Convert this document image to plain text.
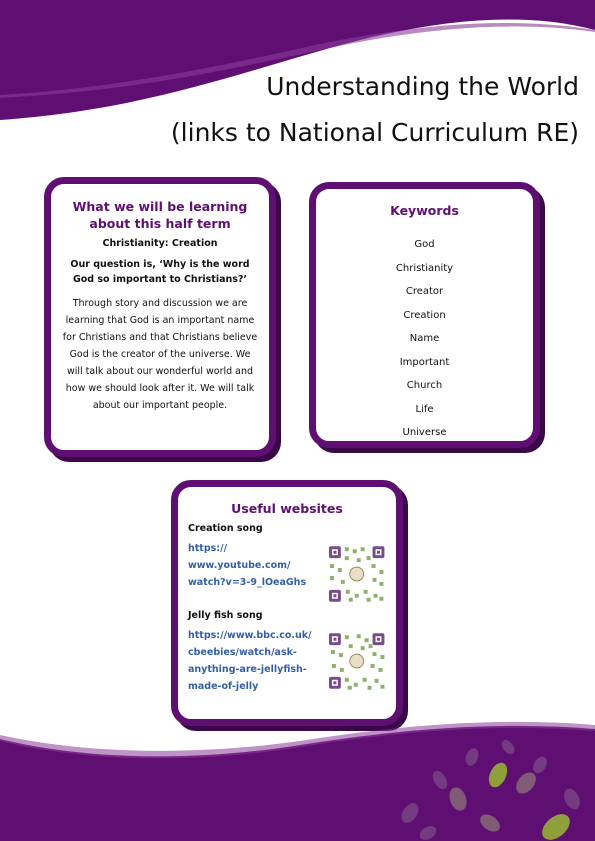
Understanding the World
(links to National Curriculum RE)
What we will be learning about this half term
Christianity: Creation
Our question is, ‘Why is the word God so important to Christians?’
Through story and discussion we are learning that God is an important name for Christians and that Christians believe God is the creator of the universe. We will talk about our wonderful world and how we should look after it. We will talk about our important people.
Keywords
God
Christianity
Creator
Creation
Name
Important
Church
Life
Universe
Useful websites
Creation song
https://
www.youtube.com/
watch?v=3-9_lOeaGhs
Jelly fish song
https://www.bbc.co.uk/
cbeebies/watch/ask-
anything-are-jellyfish-
made-of-jelly
